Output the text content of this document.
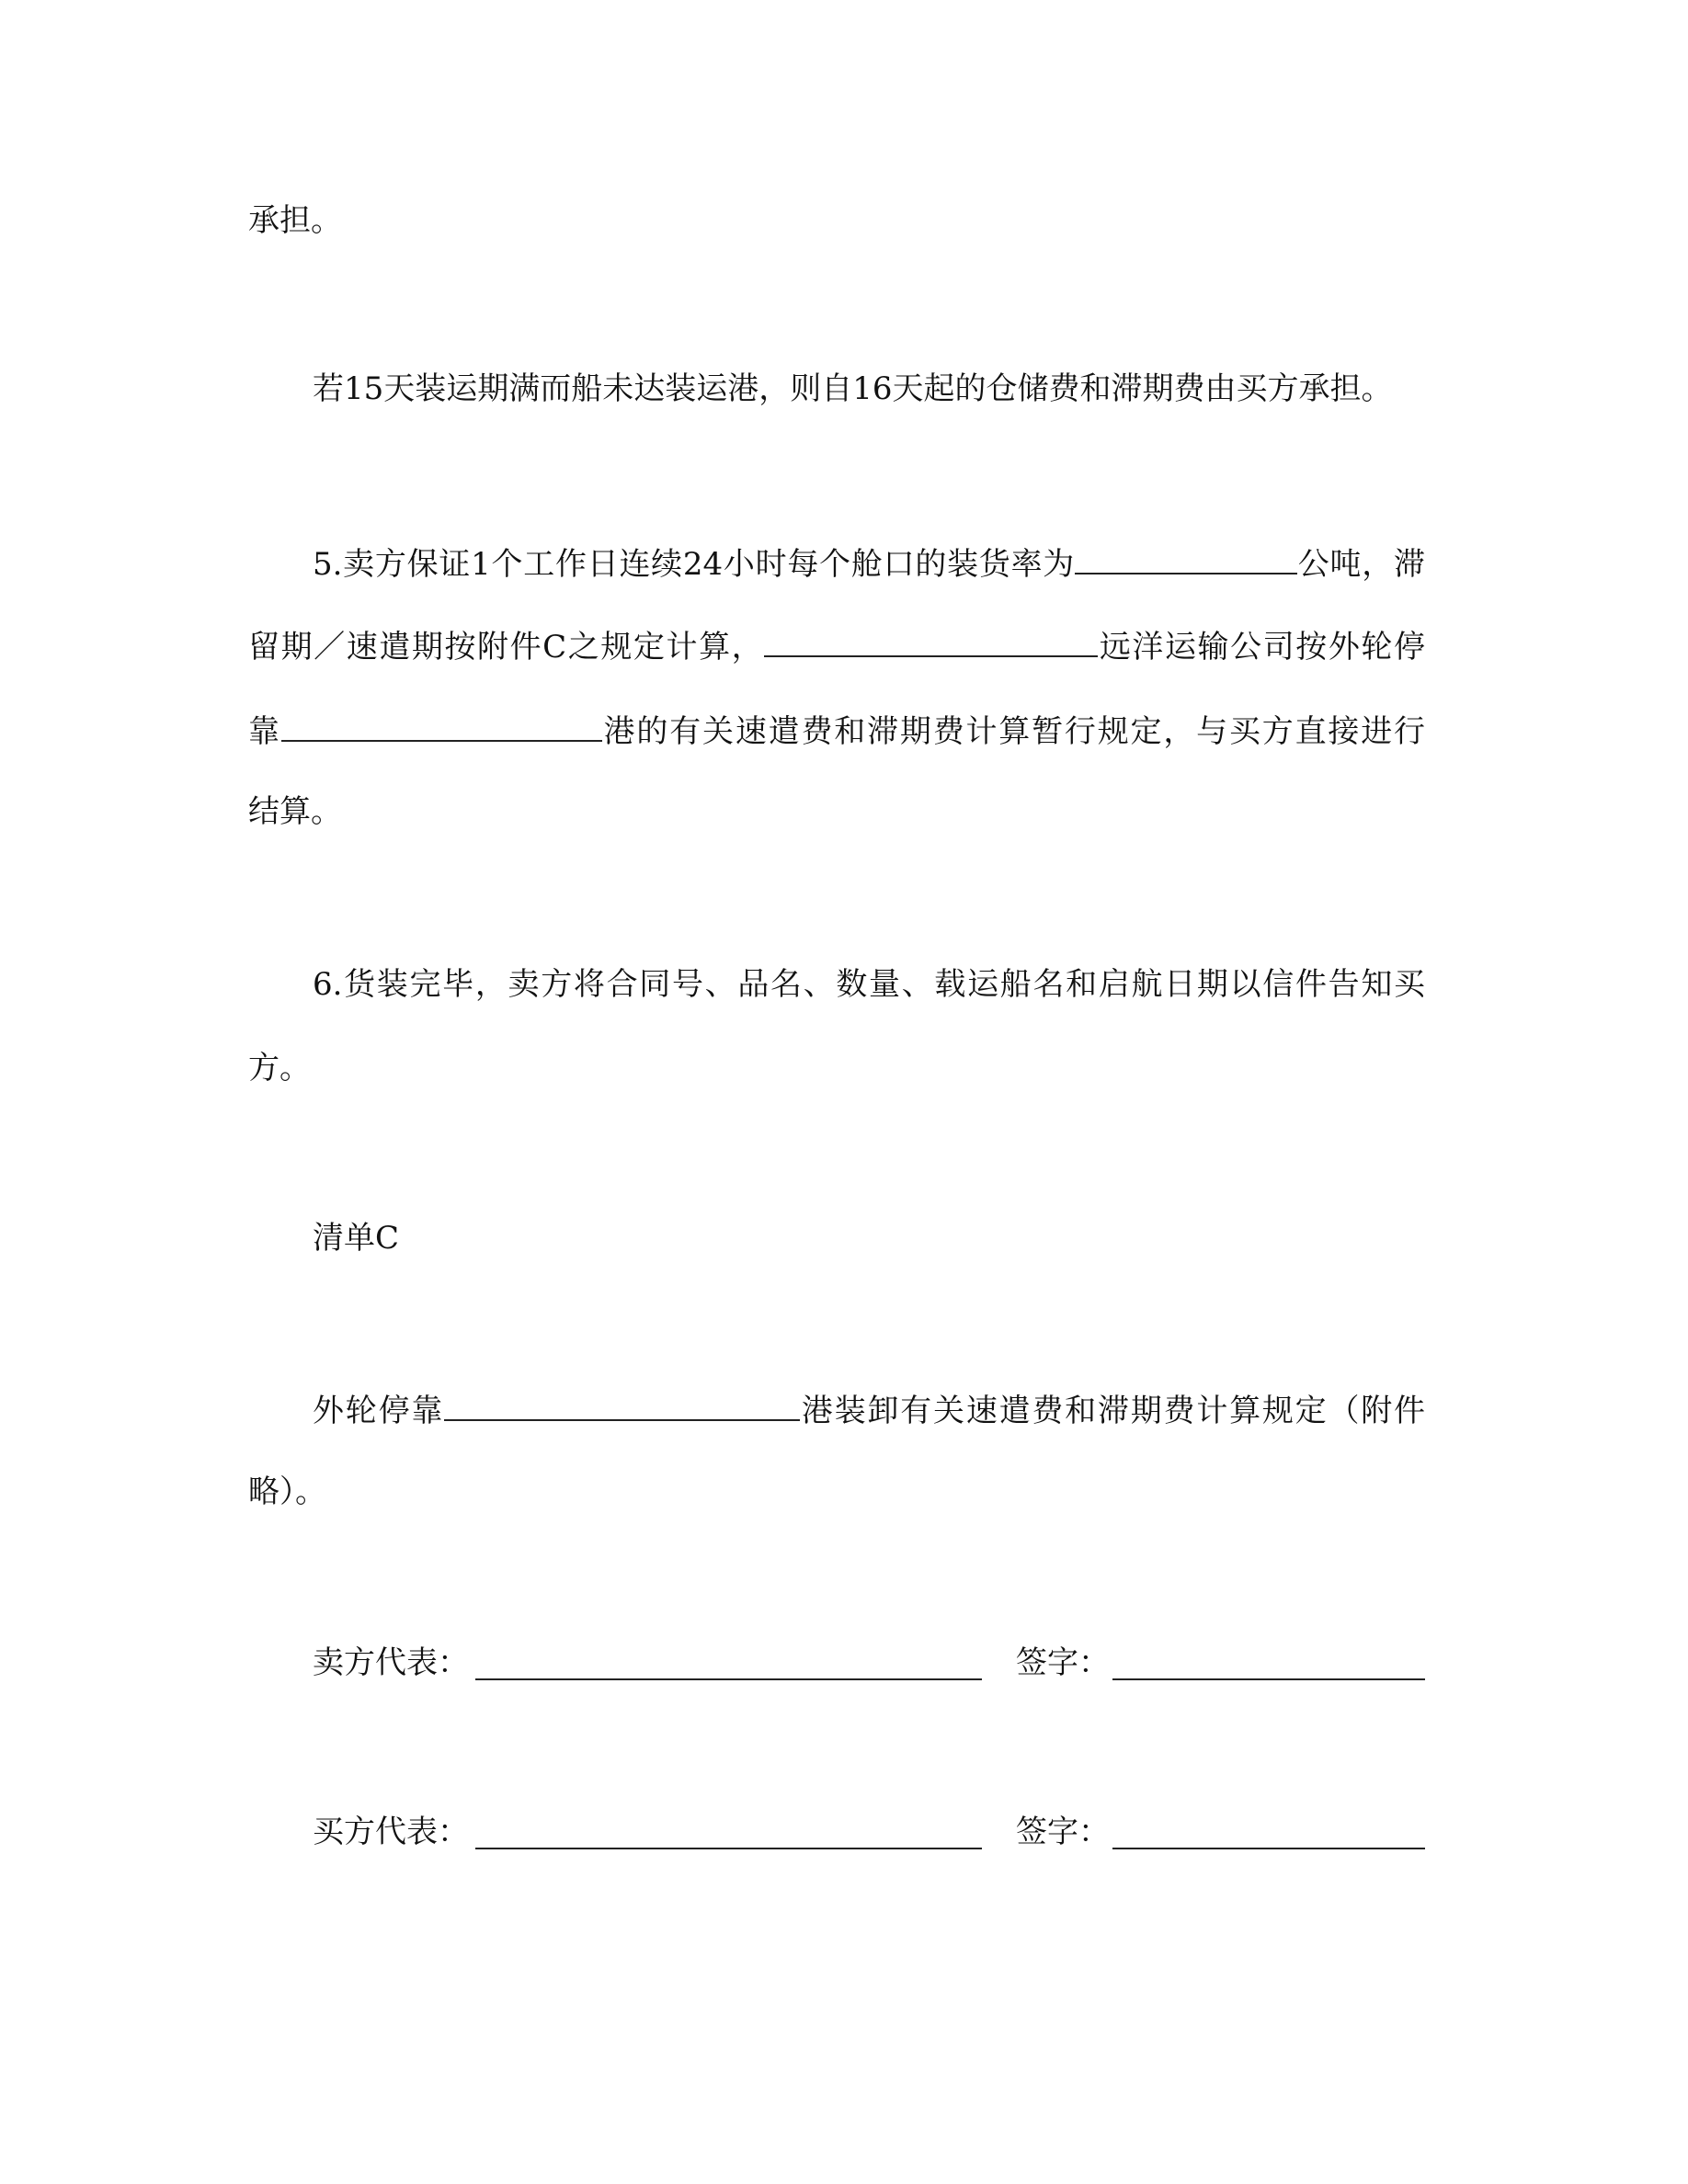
承担。
若15天装运期满而船未达装运港，则自16天起的仓储费和滞期费由买方承担。
5.卖方保证1个工作日连续24小时每个舱口的装货率为	公吨，滞
留期／速遣期按附件C之规定计算，	远洋运输公司按外轮停
靠	港的有关速遣费和滞期费计算暂行规定，与买方直接进行
结算。
6.货装完毕，卖方将合同号、品名、数量、载运船名和启航日期以信件告知买
方。
清单C
外轮停靠	港装卸有关速遣费和滞期费计算规定（附件
略）。
卖方代表：	签字：
买方代表：	签字：
